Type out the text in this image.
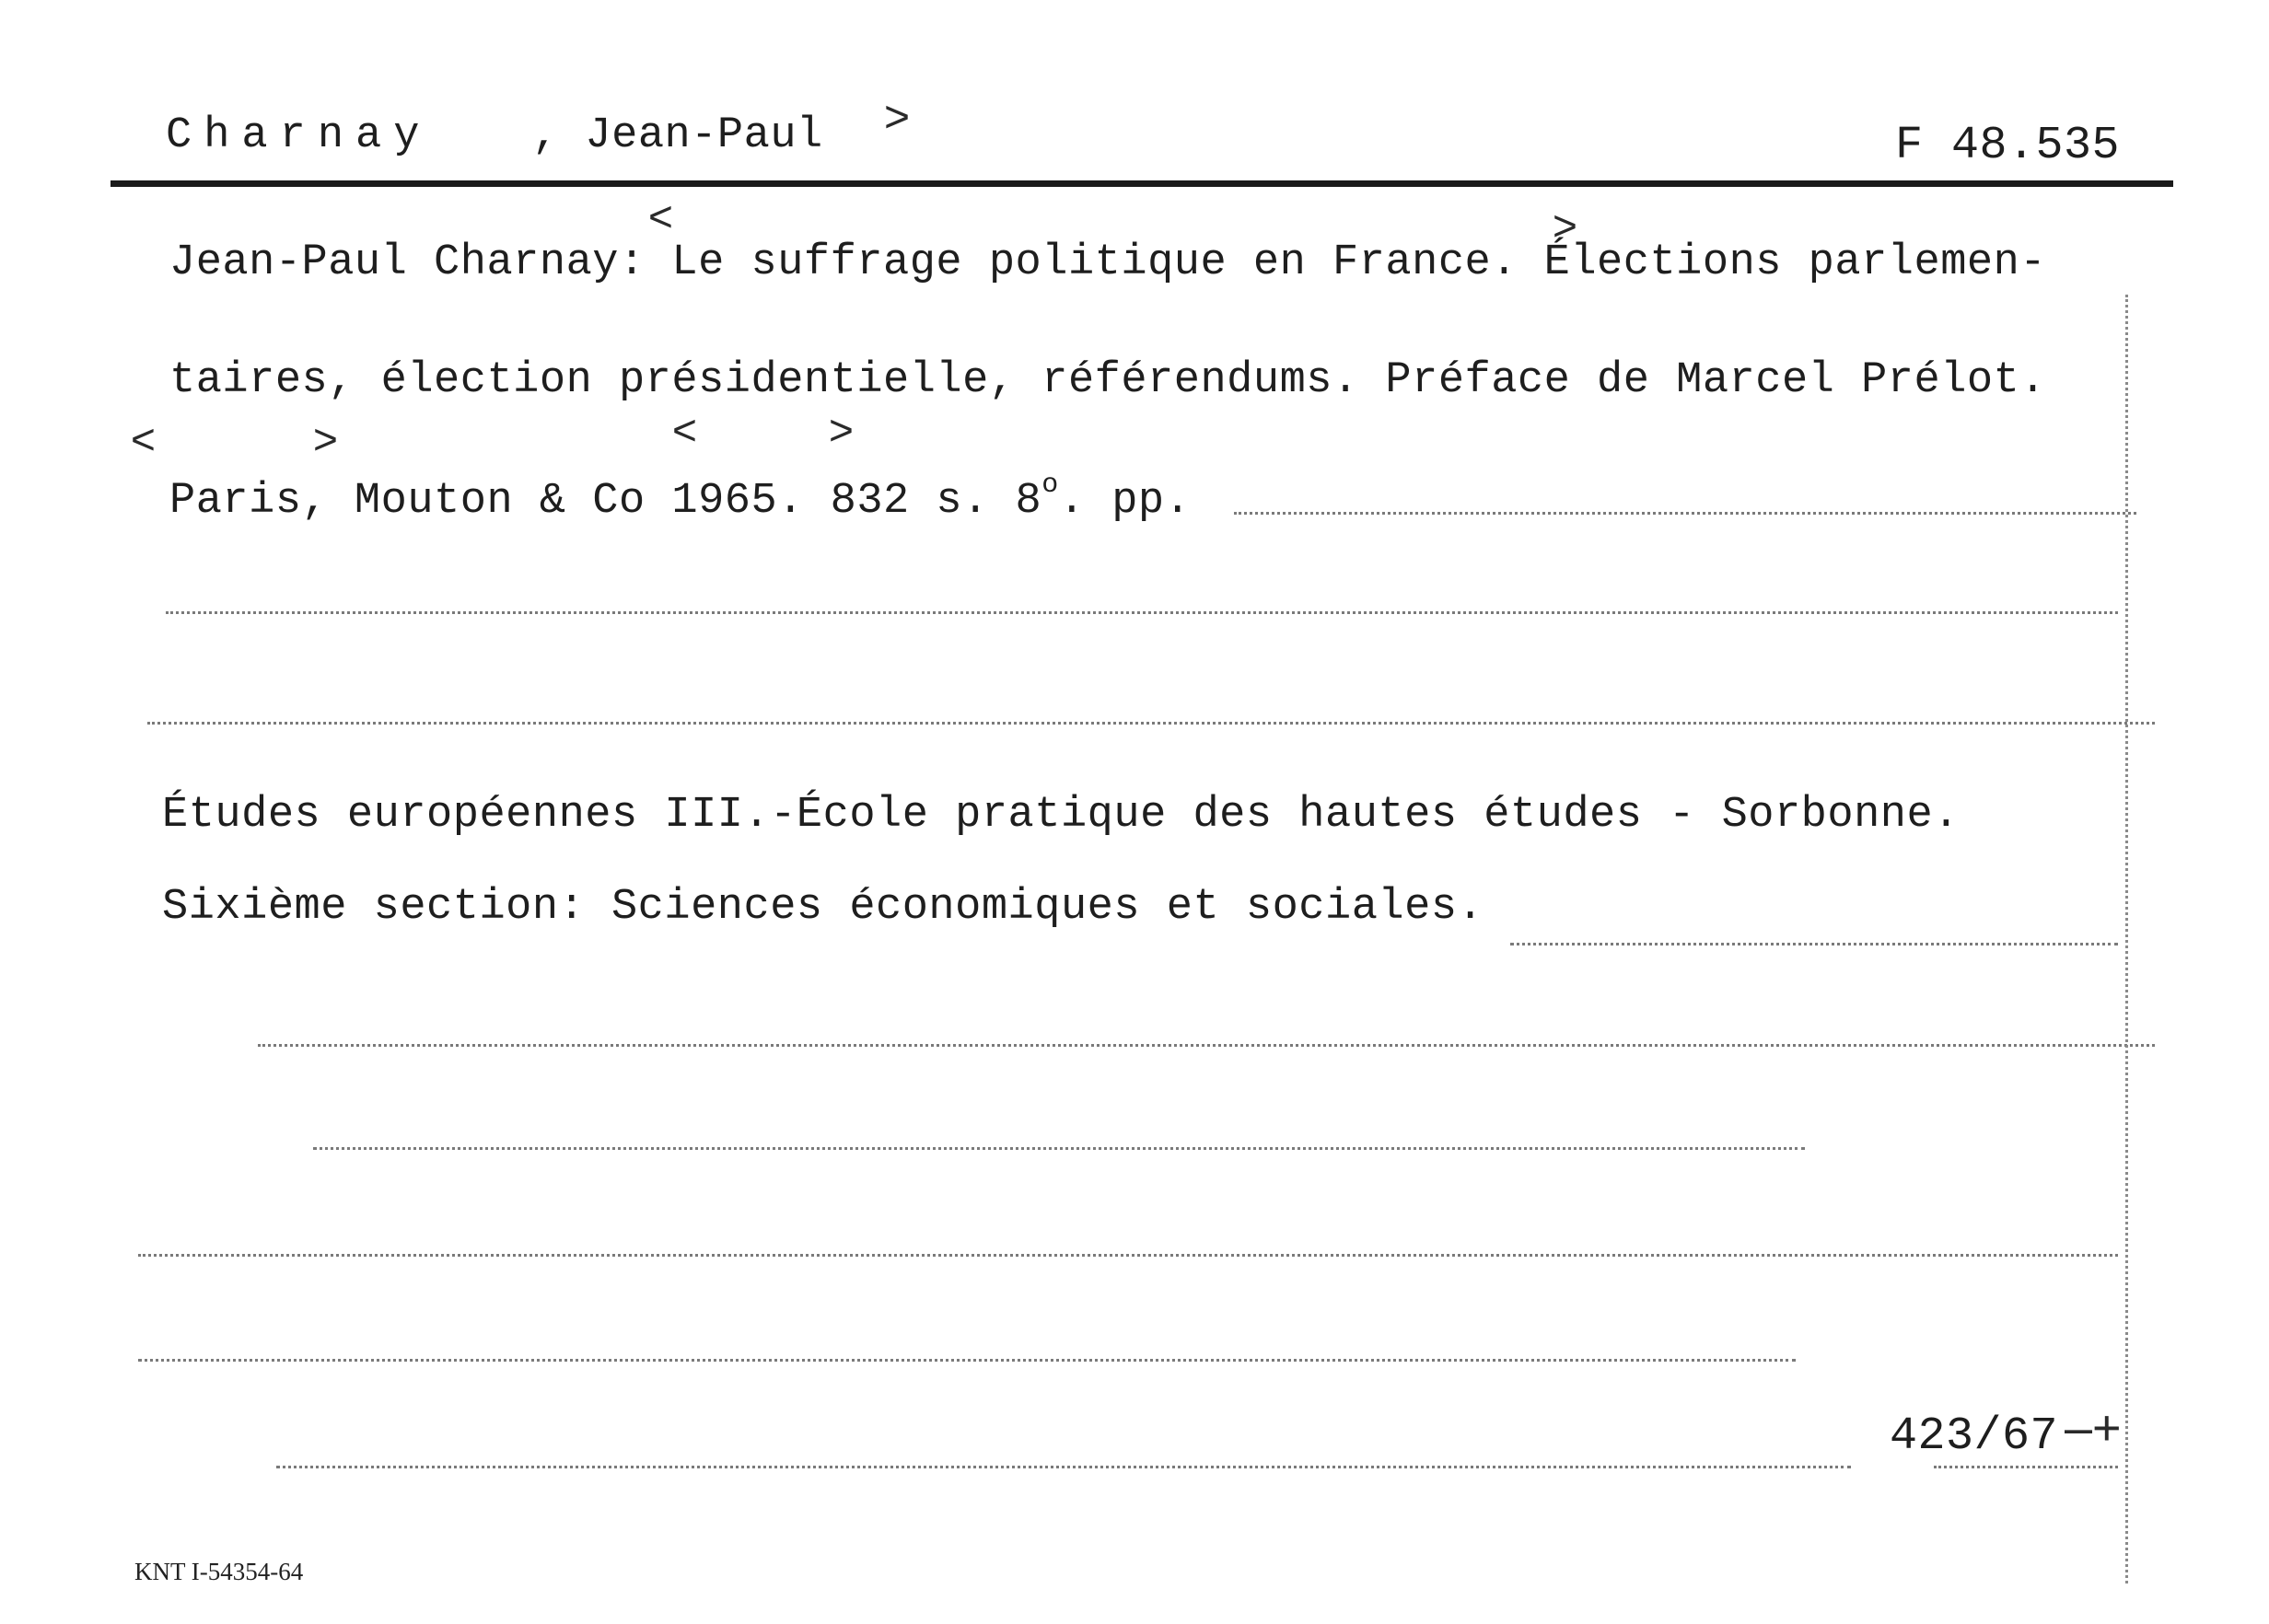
Charnay , Jean-Paul >
F 48.535
Jean-Paul Charnay: Le suffrage politique en France. Élections parlemen-
taires, élection présidentielle, référendums. Préface de Marcel Prélot.
<	>
<	>	<	>
Paris, Mouton & Co 1965. 832 s. 8$^o$. pp.
Études européennes III.-École pratique des hautes études - Sorbonne.
Sixième section: Sciences économiques et sociales.
423/67 –+
KNT I-54354-64
